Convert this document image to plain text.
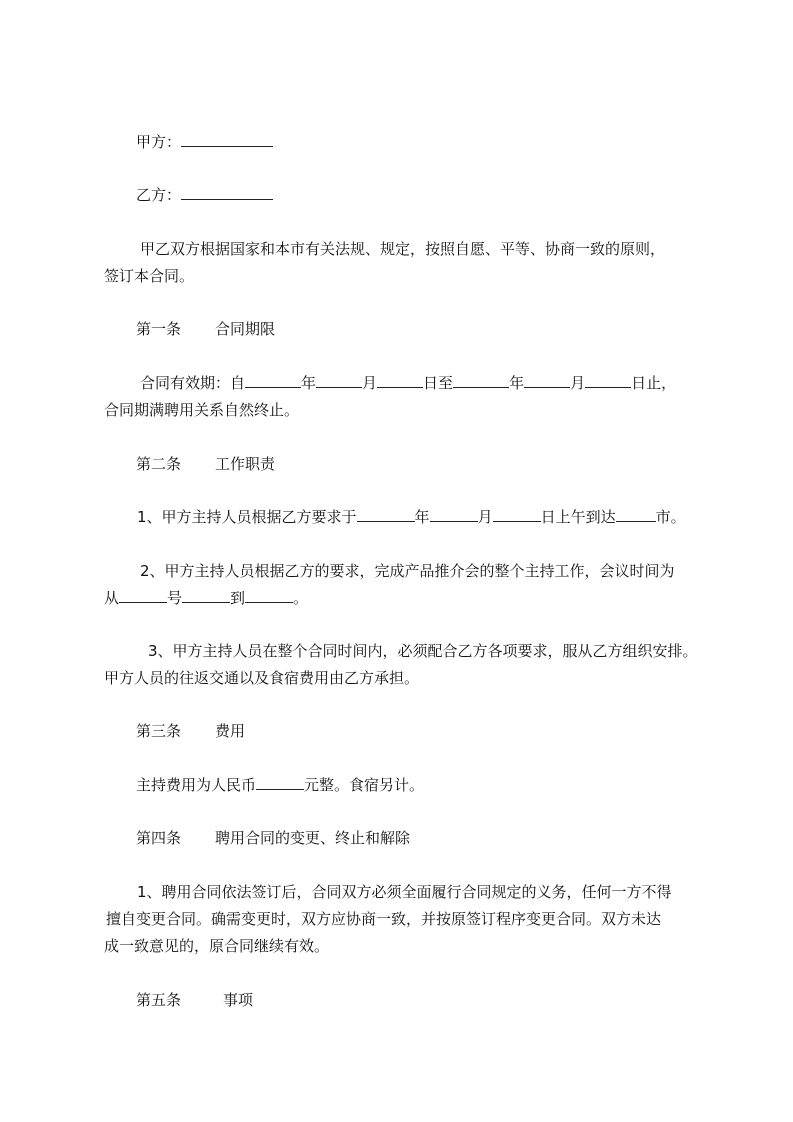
甲方：
乙方：
甲乙双方根据国家和本市有关法规、规定，按照自愿、平等、协商一致的原则，
签订本合同。
第一条 合同期限
合同有效期：自	年	月	日至	年	月	日止，
合同期满聘用关系自然终止。
第二条 工作职责
1、甲方主持人员根据乙方要求于	年	月	日上午到达	市。
2、甲方主持人员根据乙方的要求，完成产品推介会的整个主持工作，会议时间为
从	号	到	。
3、甲方主持人员在整个合同时间内，必须配合乙方各项要求，服从乙方组织安排。
甲方人员的往返交通以及食宿费用由乙方承担。
第三条 费用
主持费用为人民币	元整。食宿另计。
第四条 聘用合同的变更、终止和解除
1、聘用合同依法签订后，合同双方必须全面履行合同规定的义务，任何一方不得
擅自变更合同。确需变更时，双方应协商一致，并按原签订程序变更合同。双方未达
成一致意见的，原合同继续有效。
第五条	事项
